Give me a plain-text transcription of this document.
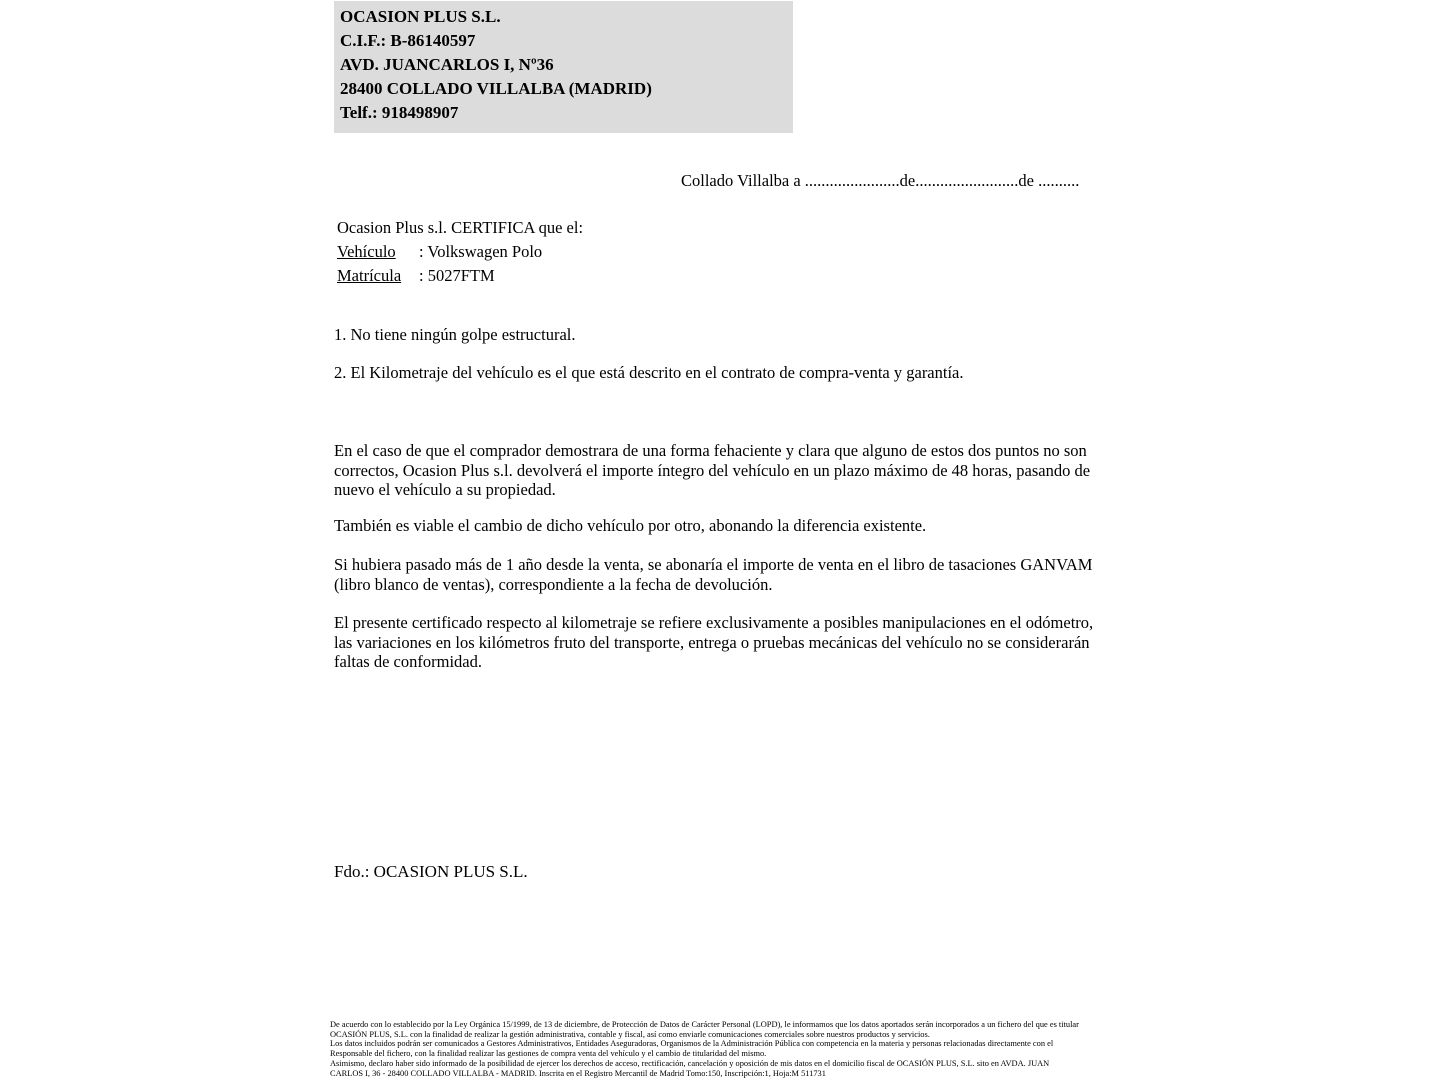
OCASION PLUS S.L.
C.I.F.: B-86140597
AVD. JUANCARLOS I, Nº36
28400 COLLADO VILLALBA (MADRID)
Telf.: 918498907
Collado Villalba a .......................de.........................de ..........
Ocasion Plus s.l. CERTIFICA que el:
Vehículo	: Volkswagen Polo
Matrícula	: 5027FTM
1. No tiene ningún golpe estructural.
2. El Kilometraje del vehículo es el que está descrito en el contrato de compra-venta y garantía.
En el caso de que el comprador demostrara de una forma fehaciente y clara que alguno de estos dos puntos no son correctos, Ocasion Plus s.l. devolverá el importe íntegro del vehículo en un plazo máximo de 48 horas, pasando de nuevo el vehículo a su propiedad.
También es viable el cambio de dicho vehículo por otro, abonando la diferencia existente.
Si hubiera pasado más de 1 año desde la venta, se abonaría el importe de venta en el libro de tasaciones GANVAM (libro blanco de ventas), correspondiente a la fecha de devolución.
El presente certificado respecto al kilometraje se refiere exclusivamente a posibles manipulaciones en el odómetro, las variaciones en los kilómetros fruto del transporte, entrega o pruebas mecánicas del vehículo no se considerarán faltas de conformidad.
Fdo.: OCASION PLUS S.L.
De acuerdo con lo establecido por la Ley Orgánica 15/1999, de 13 de diciembre, de Protección de Datos de Carácter Personal (LOPD), le informamos que los datos aportados serán incorporados a un fichero del que es titular
OCASIÓN PLUS, S.L. con la finalidad de realizar la gestión administrativa, contable y fiscal, así como enviarle comunicaciones comerciales sobre nuestros productos y servicios.
Los datos incluidos podrán ser comunicados a Gestores Administrativos, Entidades Aseguradoras, Organismos de la Administración Pública con competencia en la materia y personas relacionadas directamente con el
Responsable del fichero, con la finalidad realizar las gestiones de compra venta del vehículo y el cambio de titularidad del mismo.
Asimismo, declaro haber sido informado de la posibilidad de ejercer los derechos de acceso, rectificación, cancelación y oposición de mis datos en el domicilio fiscal de OCASIÓN PLUS, S.L. sito en AVDA. JUAN
CARLOS I, 36 - 28400 COLLADO VILLALBA - MADRID. Inscrita en el Registro Mercantil de Madrid Tomo:150, Inscripción:1, Hoja:M 511731
